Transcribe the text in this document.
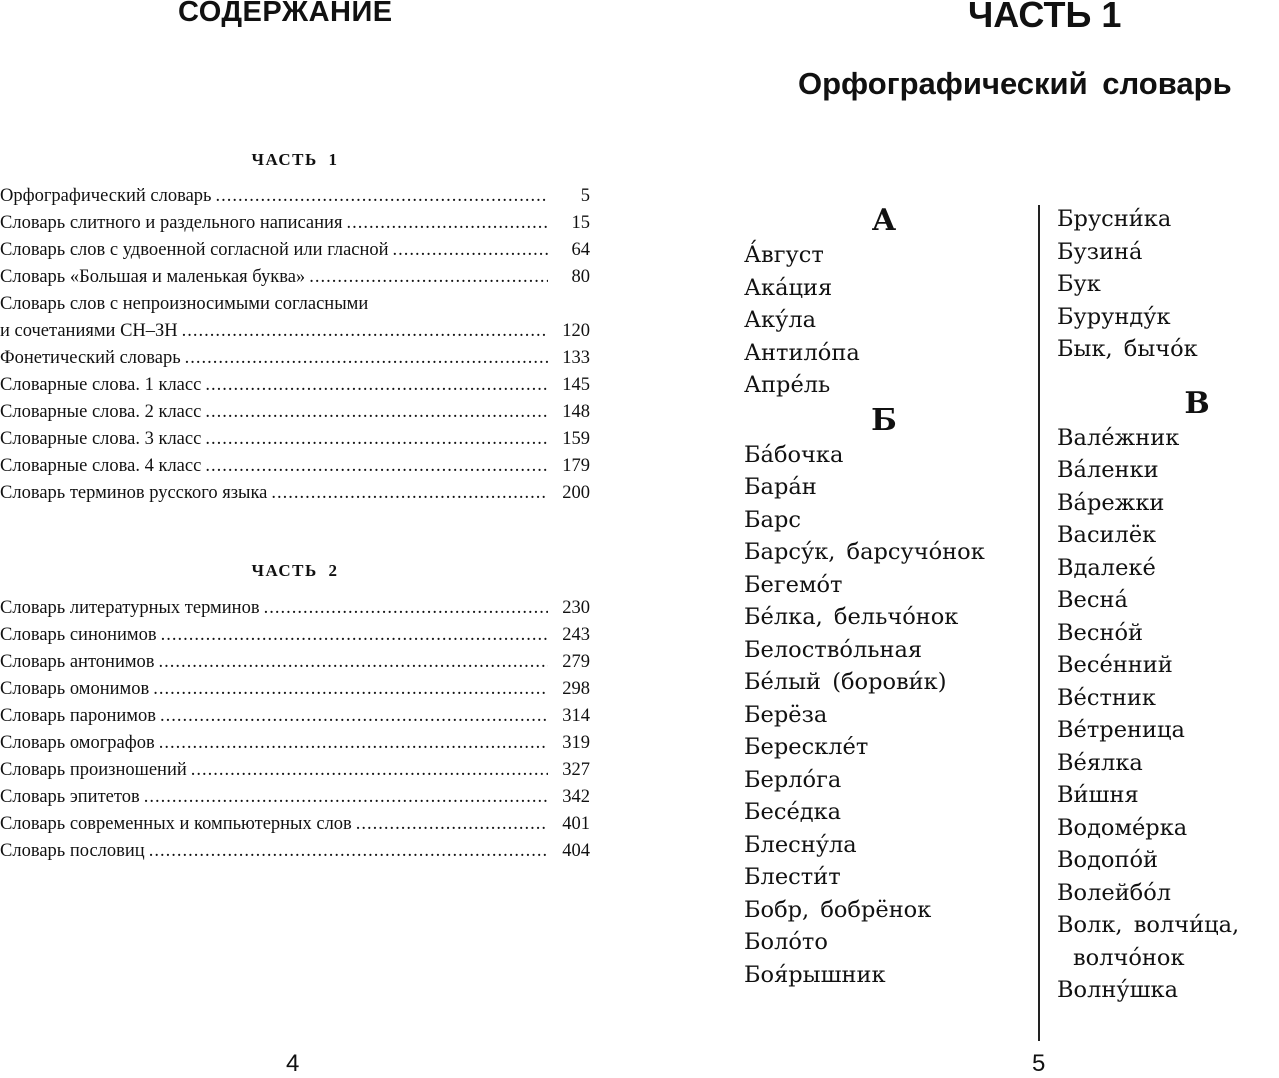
СОДЕРЖАНИЕ
ЧАСТЬ 1
Орфографический словарь .....	5
Словарь слитного и раздельного написания .....	15
Словарь слов с удвоенной согласной или гласной .....	64
Словарь «Большая и маленькая буква» .....	80
Словарь слов с непроизносимыми согласными
и сочетаниями СН–ЗН .....	120
Фонетический словарь .....	133
Словарные слова. 1 класс .....	145
Словарные слова. 2 класс .....	148
Словарные слова. 3 класс .....	159
Словарные слова. 4 класс .....	179
Словарь терминов русского языка .....	200
ЧАСТЬ 2
Словарь литературных терминов .....	230
Словарь синонимов .....	243
Словарь антонимов .....	279
Словарь омонимов .....	298
Словарь паронимов .....	314
Словарь омографов .....	319
Словарь произношений .....	327
Словарь эпитетов .....	342
Словарь современных и компьютерных слов .....	401
Словарь пословиц .....	404
4
ЧАСТЬ 1
Орфографический словарь
А
А́вгуст
Ака́ция
Аку́ла
Антило́па
Апре́ль
Б
Ба́бочка
Бара́н
Барс
Барсу́к, барсучо́нок
Бегемо́т
Бе́лка, бельчо́нок
Белоство́льная
Бе́лый (борови́к)
Берёза
Бересклéт
Берло́га
Бесе́дка
Блесну́ла
Блести́т
Бобр, бобрёнок
Боло́то
Боя́рышник
Брусни́ка
Бузина́
Бук
Бурунду́к
Бык, бычо́к
В
Вале́жник
Ва́ленки
Ва́режки
Василёк
Вдалеке́
Весна́
Весно́й
Весе́нний
Ве́стник
Ве́треница
Ве́ялка
Ви́шня
Водоме́рка
Водопо́й
Волейбо́л
Волк, волчи́ца,
волчо́нок
Волну́шка
5
